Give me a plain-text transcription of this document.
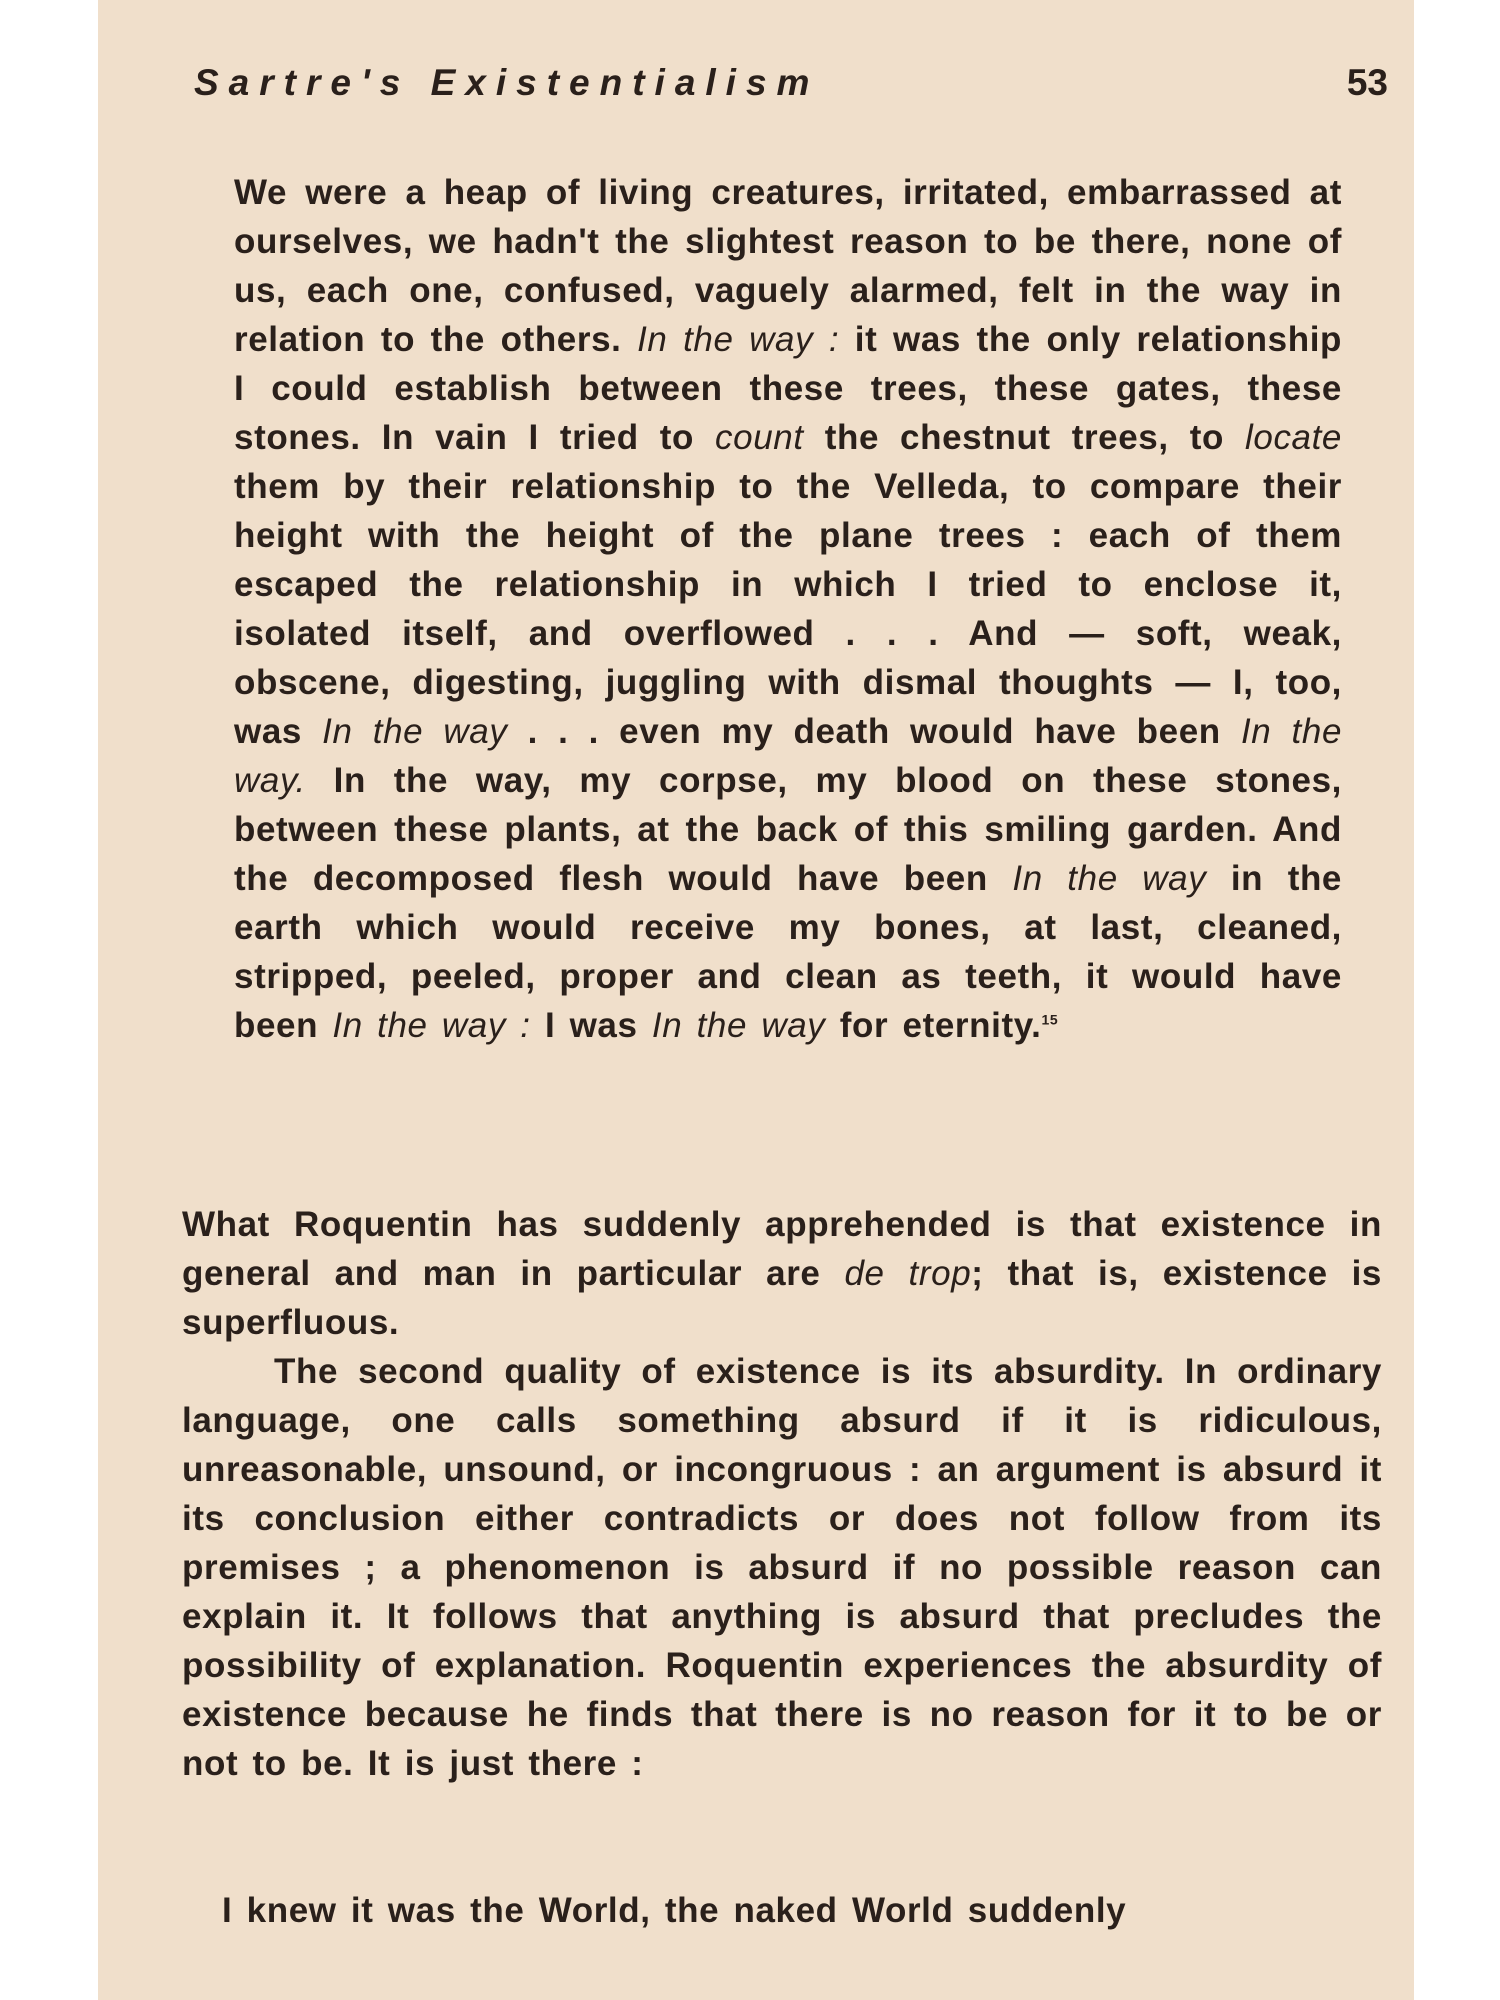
Sartre's Existentialism	53
We were a heap of living creatures, irritated, embarrassed at ourselves, we hadn't the slightest reason to be there, none of us, each one, confused, vaguely alarmed, felt in the way in relation to the others. In the way : it was the only relationship I could establish between these trees, these gates, these stones. In vain I tried to count the chestnut trees, to locate them by their relationship to the Velleda, to compare their height with the height of the plane trees : each of them escaped the relationship in which I tried to enclose it, isolated itself, and overflowed . . . And — soft, weak, obscene, digesting, juggling with dismal thoughts — I, too, was In the way . . . even my death would have been In the way. In the way, my corpse, my blood on these stones, between these plants, at the back of this smiling garden. And the decomposed flesh would have been In the way in the earth which would receive my bones, at last, cleaned, stripped, peeled, proper and clean as teeth, it would have been In the way : I was In the way for eternity.$^{15}$

What Roquentin has suddenly apprehended is that existence in general and man in particular are de trop; that is, existence is superfluous.

The second quality of existence is its absurdity. In ordinary language, one calls something absurd if it is ridiculous, unreasonable, unsound, or incongruous : an argument is absurd it its conclusion either contradicts or does not follow from its premises ; a phenomenon is absurd if no possible reason can explain it. It follows that anything is absurd that precludes the possibility of explanation. Roquentin experiences the absurdity of existence because he finds that there is no reason for it to be or not to be. It is just there :

I knew it was the World, the naked World suddenly
